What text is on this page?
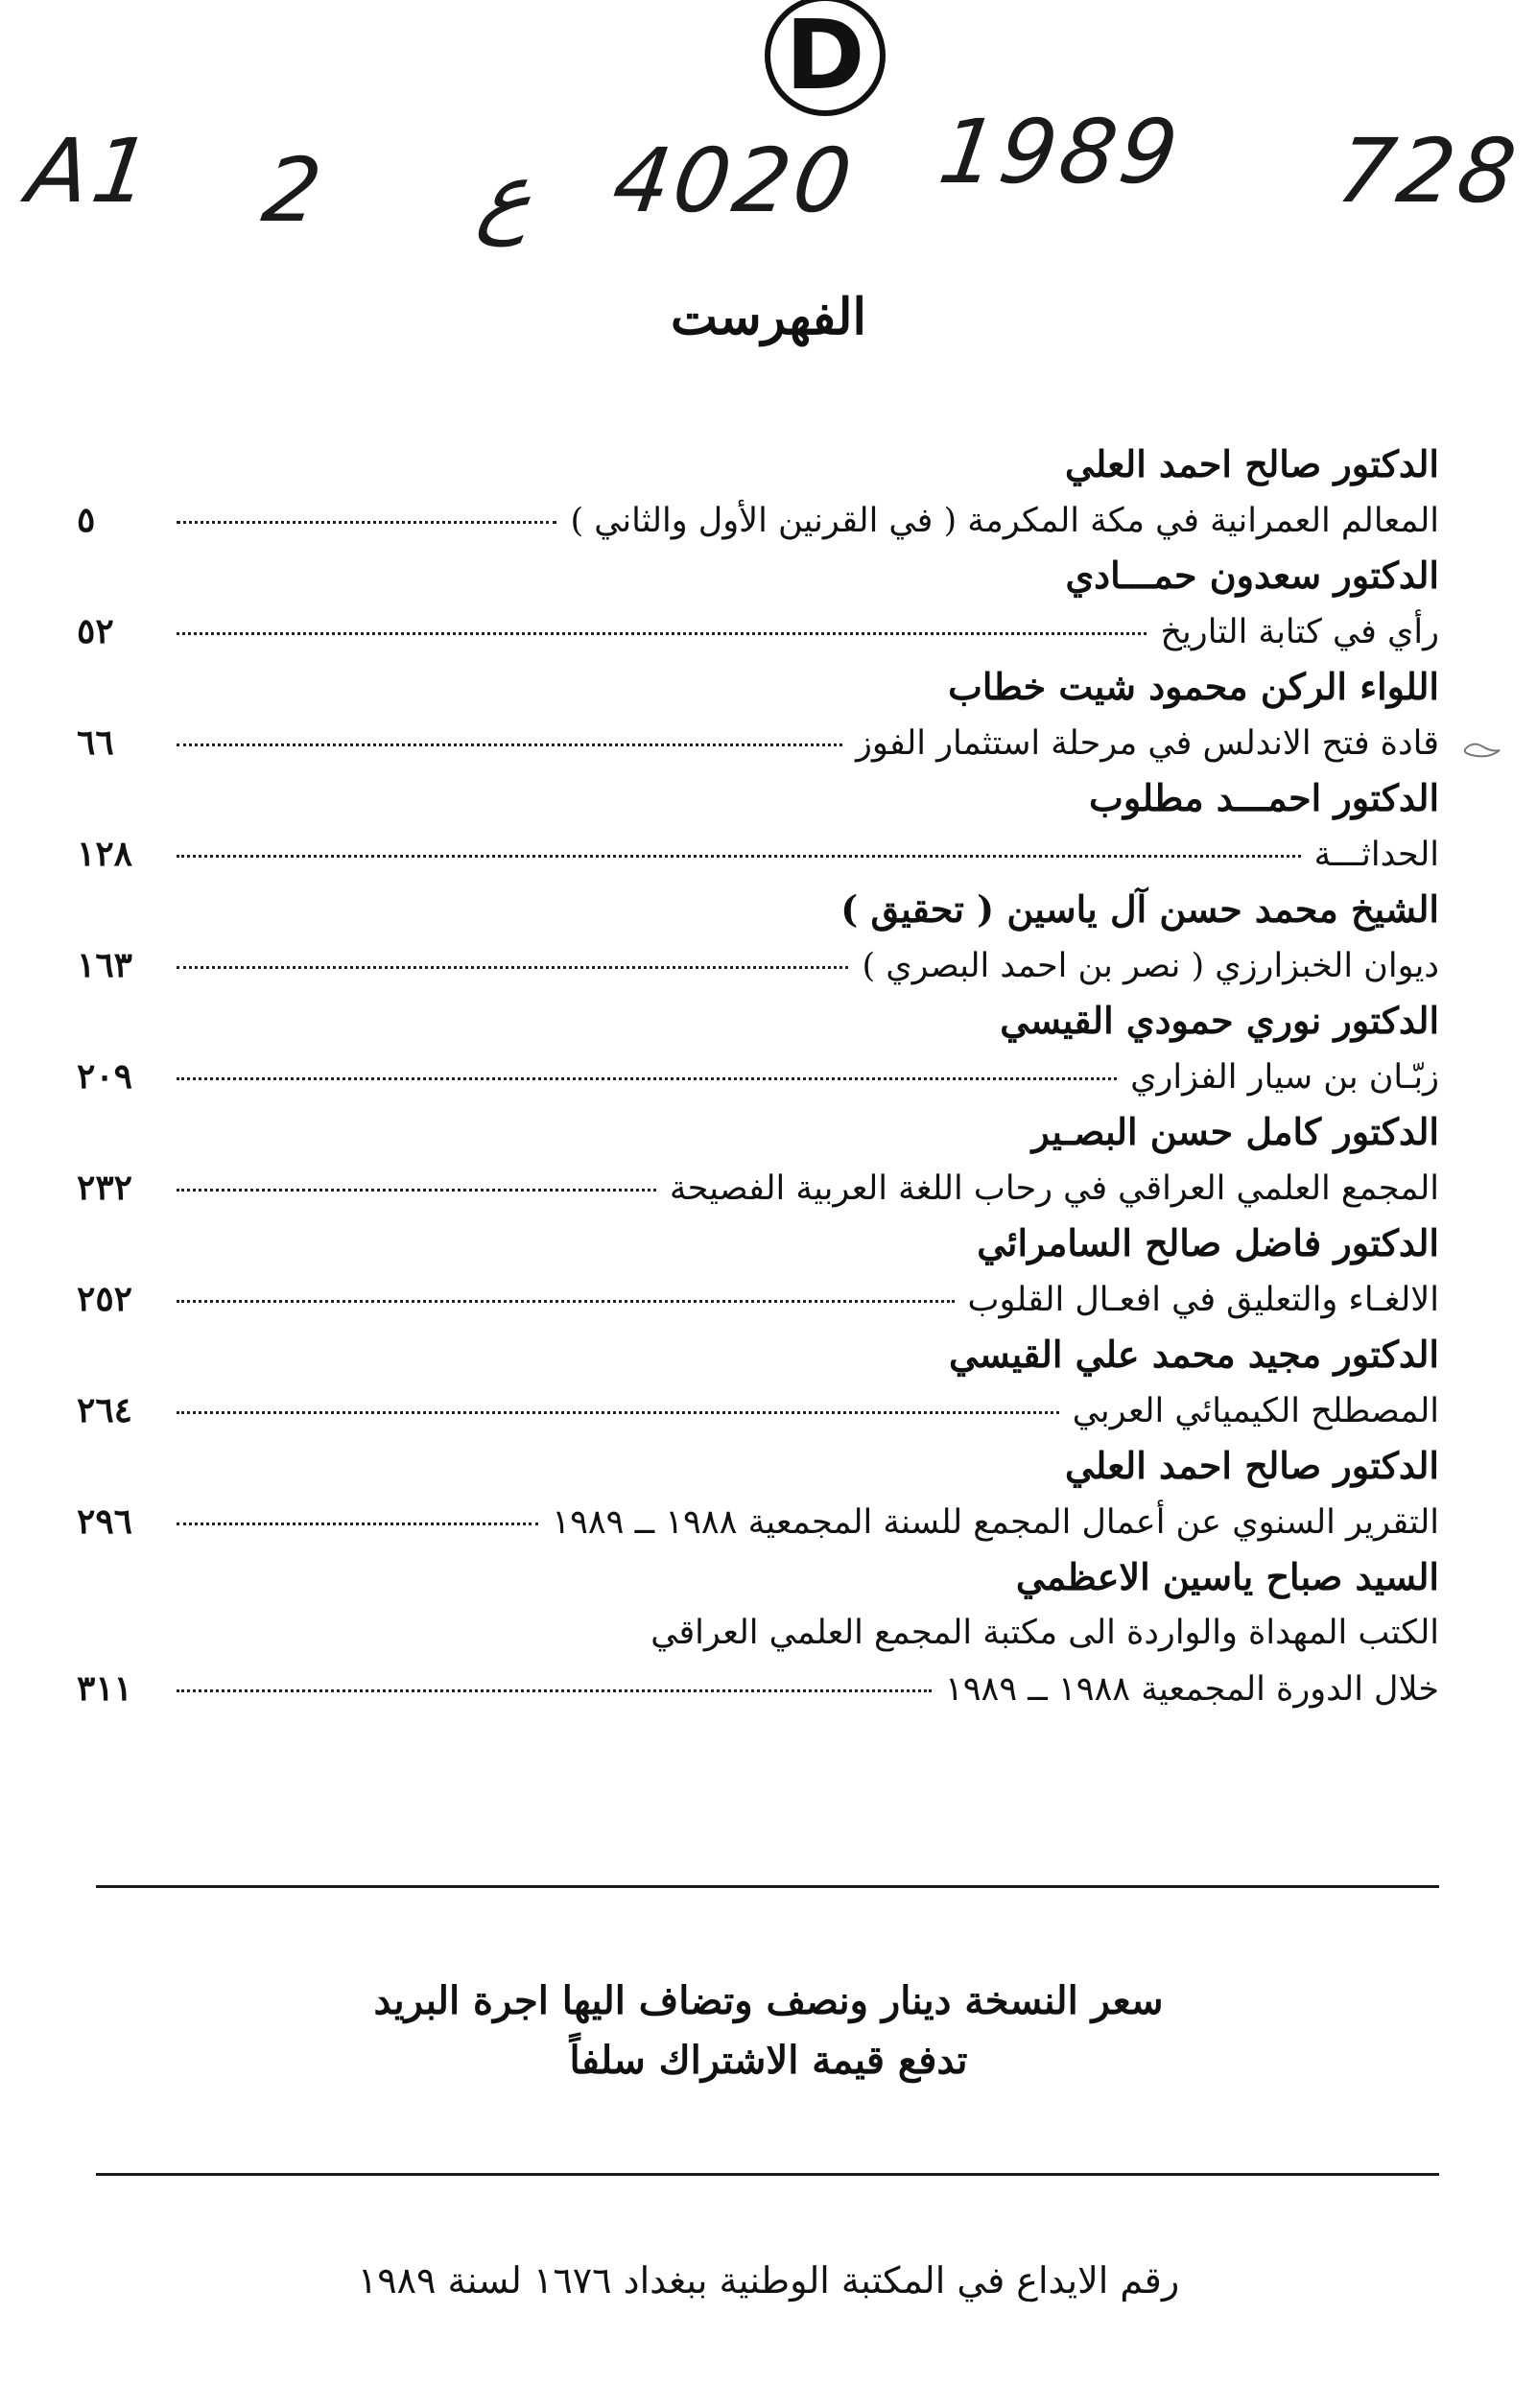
D
A1 2 ع 4020 1989 728
الفهرست
الدكتور صالح احمد العلي
المعالم العمرانية في مكة المكرمة ( في القرنين الأول والثاني )
٥
الدكتور سعدون حمـــادي
رأي في كتابة التاريخ
٥٢
اللواء الركن محمود شيت خطاب
قادة فتح الاندلس في مرحلة استثمار الفوز
٦٦
الدكتور احمـــد مطلوب
الحداثـــة
١٢٨
الشيخ محمد حسن آل ياسين ( تحقيق )
ديوان الخبزارزي ( نصر بن احمد البصري )
١٦٣
الدكتور نوري حمودي القيسي
زبّـان بن سيار الفزاري
٢٠٩
الدكتور كامل حسن البصـير
المجمع العلمي العراقي في رحاب اللغة العربية الفصيحة
٢٣٢
الدكتور فاضل صالح السامرائي
الالغـاء والتعليق في افعـال القلوب
٢٥٢
الدكتور مجيد محمد علي القيسي
المصطلح الكيميائي العربي
٢٦٤
الدكتور صالح احمد العلي
التقرير السنوي عن أعمال المجمع للسنة المجمعية ١٩٨٨ ــ ١٩٨٩
٢٩٦
السيد صباح ياسين الاعظمي
الكتب المهداة والواردة الى مكتبة المجمع العلمي العراقي
خلال الدورة المجمعية ١٩٨٨ ــ ١٩٨٩
٣١١
سعر النسخة دينار ونصف وتضاف اليها اجرة البريد
تدفع قيمة الاشتراك سلفاً
رقم الايداع في المكتبة الوطنية ببغداد ١٦٧٦ لسنة ١٩٨٩
